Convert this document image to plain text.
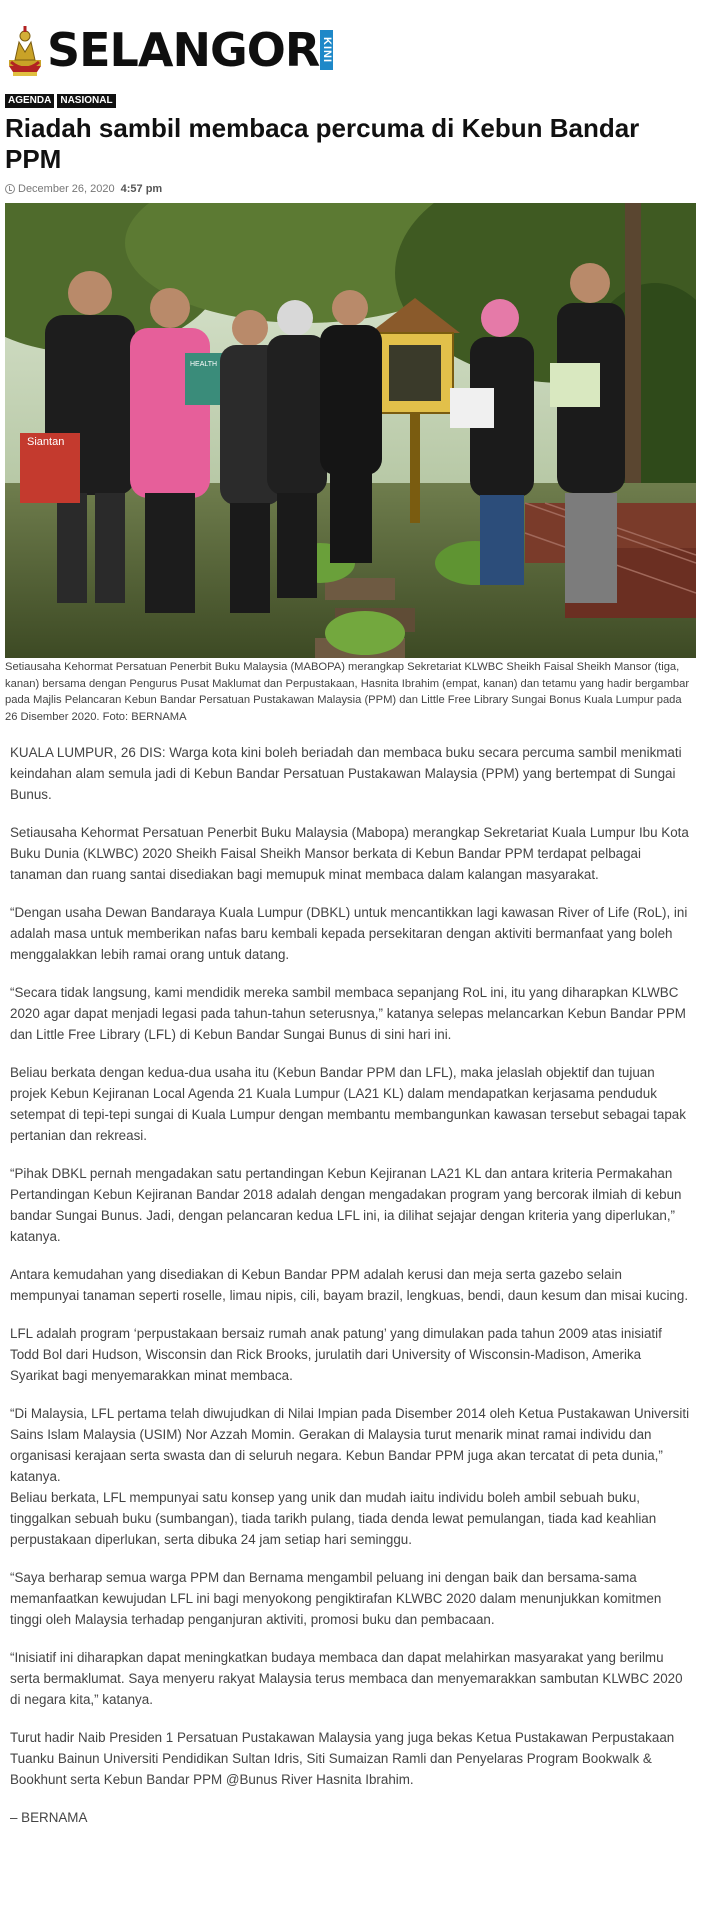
SELANGOR KINI
AGENDA NASIONAL
Riadah sambil membaca percuma di Kebun Bandar PPM
December 26, 2020 4:57 pm
Siantan
HEALTH

Setiausaha Kehormat Persatuan Penerbit Buku Malaysia (MABOPA) merangkap Sekretariat KLWBC Sheikh Faisal Sheikh Mansor (tiga, kanan) bersama dengan Pengurus Pusat Maklumat dan Perpustakaan, Hasnita Ibrahim (empat, kanan) dan tetamu yang hadir bergambar pada Majlis Pelancaran Kebun Bandar Persatuan Pustakawan Malaysia (PPM) dan Little Free Library Sungai Bonus Kuala Lumpur pada 26 Disember 2020. Foto: BERNAMA

KUALA LUMPUR, 26 DIS: Warga kota kini boleh beriadah dan membaca buku secara percuma sambil menikmati keindahan alam semula jadi di Kebun Bandar Persatuan Pustakawan Malaysia (PPM) yang bertempat di Sungai Bunus.

Setiausaha Kehormat Persatuan Penerbit Buku Malaysia (Mabopa) merangkap Sekretariat Kuala Lumpur Ibu Kota Buku Dunia (KLWBC) 2020 Sheikh Faisal Sheikh Mansor berkata di Kebun Bandar PPM terdapat pelbagai tanaman dan ruang santai disediakan bagi memupuk minat membaca dalam kalangan masyarakat.

“Dengan usaha Dewan Bandaraya Kuala Lumpur (DBKL) untuk mencantikkan lagi kawasan River of Life (RoL), ini adalah masa untuk memberikan nafas baru kembali kepada persekitaran dengan aktiviti bermanfaat yang boleh menggalakkan lebih ramai orang untuk datang.

“Secara tidak langsung, kami mendidik mereka sambil membaca sepanjang RoL ini, itu yang diharapkan KLWBC 2020 agar dapat menjadi legasi pada tahun-tahun seterusnya,” katanya selepas melancarkan Kebun Bandar PPM dan Little Free Library (LFL) di Kebun Bandar Sungai Bunus di sini hari ini.

Beliau berkata dengan kedua-dua usaha itu (Kebun Bandar PPM dan LFL), maka jelaslah objektif dan tujuan projek Kebun Kejiranan Local Agenda 21 Kuala Lumpur (LA21 KL) dalam mendapatkan kerjasama penduduk setempat di tepi-tepi sungai di Kuala Lumpur dengan membantu membangunkan kawasan tersebut sebagai tapak pertanian dan rekreasi.

“Pihak DBKL pernah mengadakan satu pertandingan Kebun Kejiranan LA21 KL dan antara kriteria Permakahan Pertandingan Kebun Kejiranan Bandar 2018 adalah dengan mengadakan program yang bercorak ilmiah di kebun bandar Sungai Bunus. Jadi, dengan pelancaran kedua LFL ini, ia dilihat sejajar dengan kriteria yang diperlukan,” katanya.

Antara kemudahan yang disediakan di Kebun Bandar PPM adalah kerusi dan meja serta gazebo selain mempunyai tanaman seperti roselle, limau nipis, cili, bayam brazil, lengkuas, bendi, daun kesum dan misai kucing.

LFL adalah program ‘perpustakaan bersaiz rumah anak patung’ yang dimulakan pada tahun 2009 atas inisiatif Todd Bol dari Hudson, Wisconsin dan Rick Brooks, jurulatih dari University of Wisconsin-Madison, Amerika Syarikat bagi menyemarakkan minat membaca.

“Di Malaysia, LFL pertama telah diwujudkan di Nilai Impian pada Disember 2014 oleh Ketua Pustakawan Universiti Sains Islam Malaysia (USIM) Nor Azzah Momin. Gerakan di Malaysia turut menarik minat ramai individu dan organisasi kerajaan serta swasta dan di seluruh negara. Kebun Bandar PPM juga akan tercatat di peta dunia,” katanya.

Beliau berkata, LFL mempunyai satu konsep yang unik dan mudah iaitu individu boleh ambil sebuah buku, tinggalkan sebuah buku (sumbangan), tiada tarikh pulang, tiada denda lewat pemulangan, tiada kad keahlian perpustakaan diperlukan, serta dibuka 24 jam setiap hari seminggu.

“Saya berharap semua warga PPM dan Bernama mengambil peluang ini dengan baik dan bersama-sama memanfaatkan kewujudan LFL ini bagi menyokong pengiktirafan KLWBC 2020 dalam menunjukkan komitmen tinggi oleh Malaysia terhadap penganjuran aktiviti, promosi buku dan pembacaan.

“Inisiatif ini diharapkan dapat meningkatkan budaya membaca dan dapat melahirkan masyarakat yang berilmu serta bermaklumat. Saya menyeru rakyat Malaysia terus membaca dan menyemarakkan sambutan KLWBC 2020 di negara kita,” katanya.

Turut hadir Naib Presiden 1 Persatuan Pustakawan Malaysia yang juga bekas Ketua Pustakawan Perpustakaan Tuanku Bainun Universiti Pendidikan Sultan Idris, Siti Sumaizan Ramli dan Penyelaras Program Bookwalk & Bookhunt serta Kebun Bandar PPM @Bunus River Hasnita Ibrahim.

– BERNAMA
